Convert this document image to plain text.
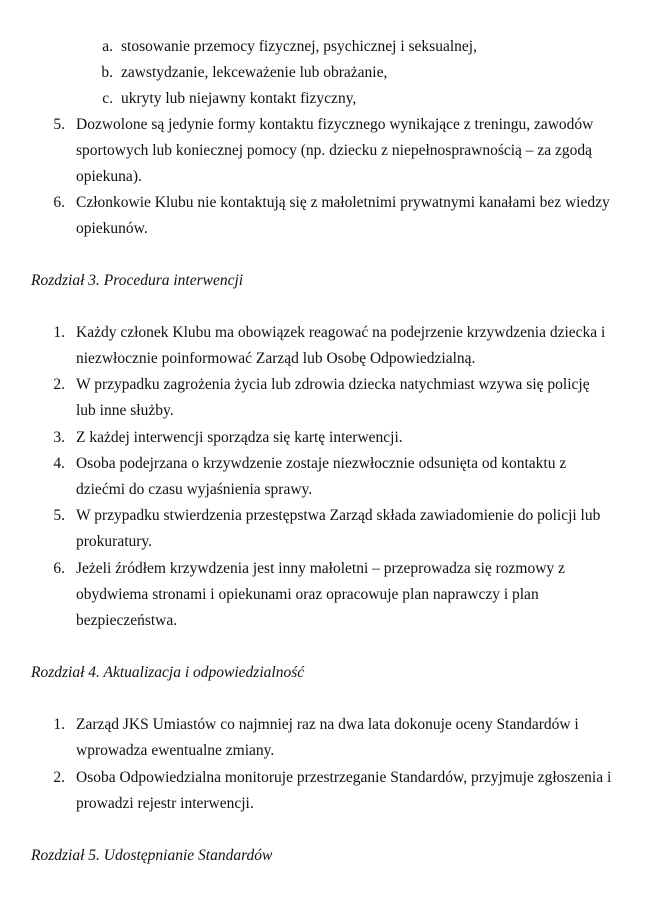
a. stosowanie przemocy fizycznej, psychicznej i seksualnej,
b. zawstydzanie, lekceważenie lub obrażanie,
c. ukryty lub niejawny kontakt fizyczny,
5. Dozwolone są jedynie formy kontaktu fizycznego wynikające z treningu, zawodów
sportowych lub koniecznej pomocy (np. dziecku z niepełnosprawnością – za zgodą
opiekuna).
6. Członkowie Klubu nie kontaktują się z małoletnimi prywatnymi kanałami bez wiedzy
opiekunów.
Rozdział 3. Procedura interwencji
1. Każdy członek Klubu ma obowiązek reagować na podejrzenie krzywdzenia dziecka i
niezwłocznie poinformować Zarząd lub Osobę Odpowiedzialną.
2. W przypadku zagrożenia życia lub zdrowia dziecka natychmiast wzywa się policję
lub inne służby.
3. Z każdej interwencji sporządza się kartę interwencji.
4. Osoba podejrzana o krzywdzenie zostaje niezwłocznie odsunięta od kontaktu z
dziećmi do czasu wyjaśnienia sprawy.
5. W przypadku stwierdzenia przestępstwa Zarząd składa zawiadomienie do policji lub
prokuratury.
6. Jeżeli źródłem krzywdzenia jest inny małoletni – przeprowadza się rozmowy z
obydwiema stronami i opiekunami oraz opracowuje plan naprawczy i plan
bezpieczeństwa.
Rozdział 4. Aktualizacja i odpowiedzialność
1. Zarząd JKS Umiastów co najmniej raz na dwa lata dokonuje oceny Standardów i
wprowadza ewentualne zmiany.
2. Osoba Odpowiedzialna monitoruje przestrzeganie Standardów, przyjmuje zgłoszenia i
prowadzi rejestr interwencji.
Rozdział 5. Udostępnianie Standardów
